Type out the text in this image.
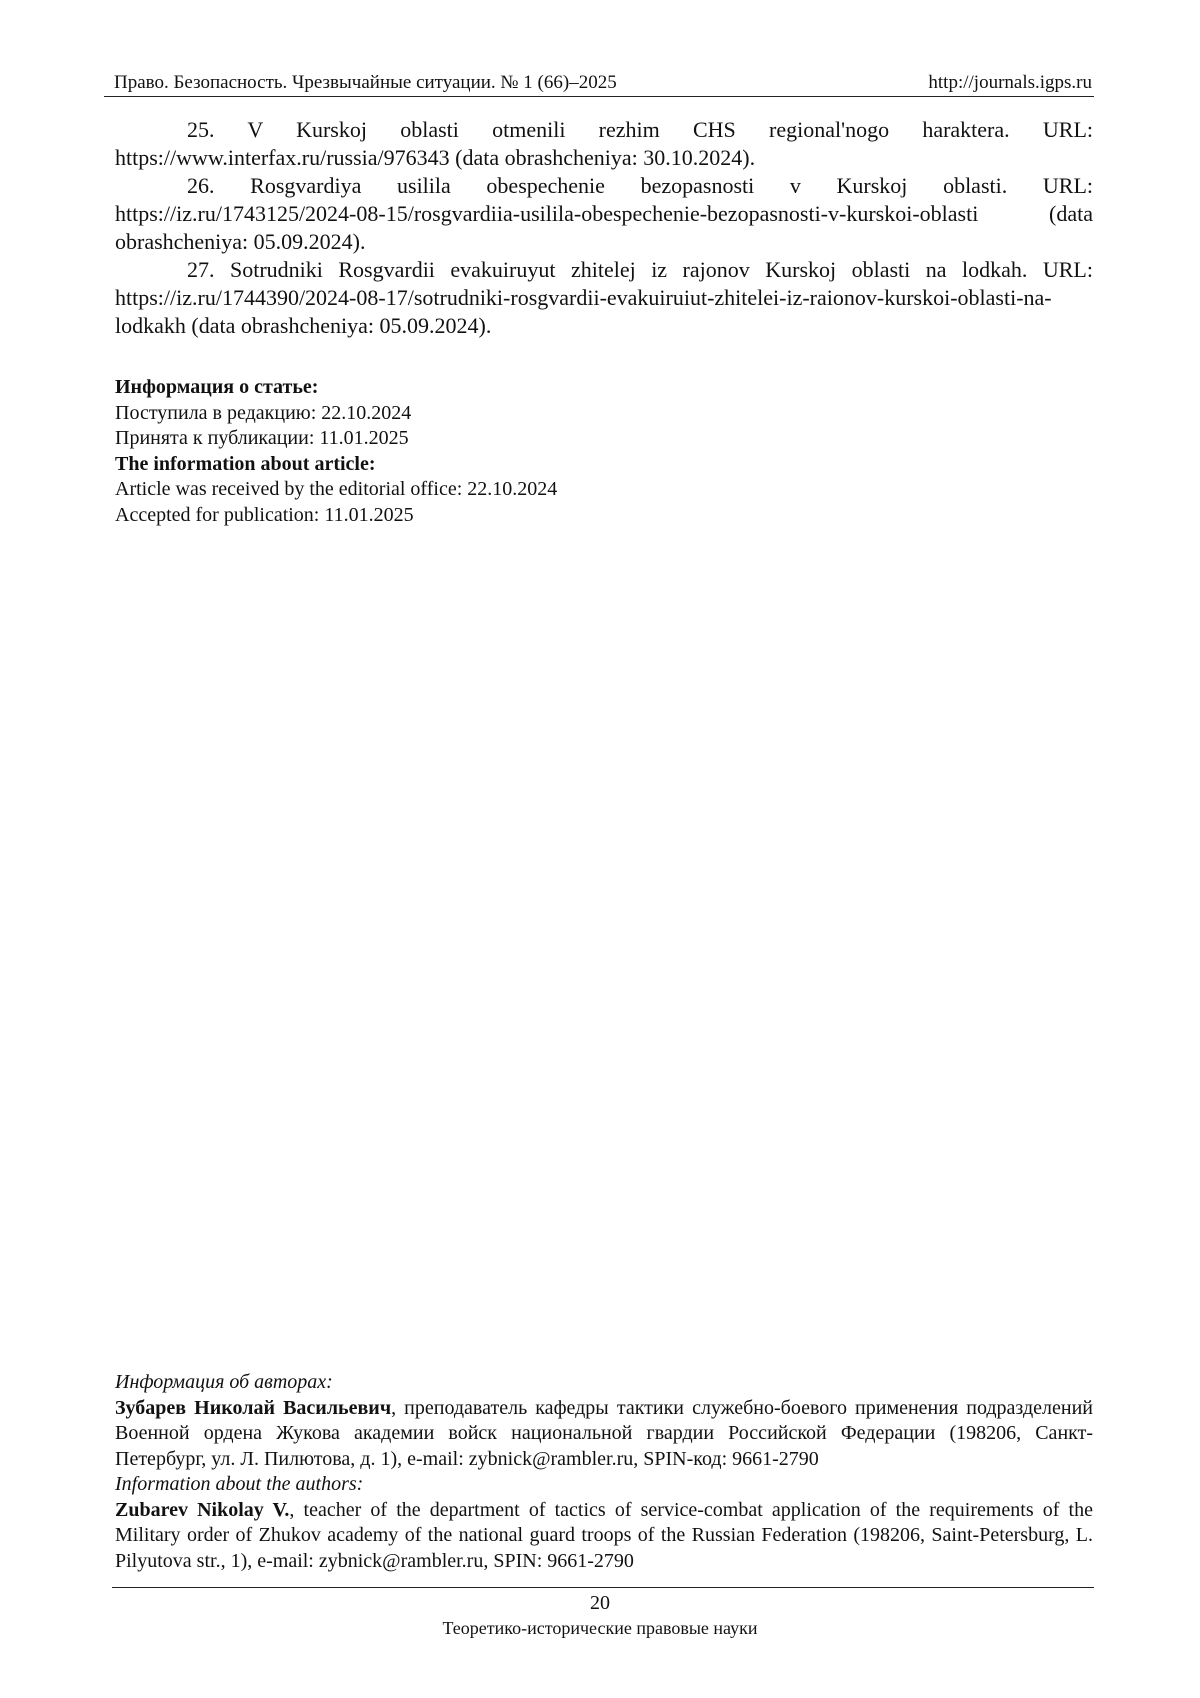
Право. Безопасность. Чрезвычайные ситуации. № 1 (66)–2025	http://journals.igps.ru

25. V Kurskoj oblasti otmenili rezhim CHS regional'nogo haraktera. URL: https://www.interfax.ru/russia/976343 (data obrashcheniya: 30.10.2024).

26. Rosgvardiya usilila obespechenie bezopasnosti v Kurskoj oblasti. URL: https://iz.ru/1743125/2024-08-15/rosgvardiia-usilila-obespechenie-bezopasnosti-v-kurskoi-oblasti (data obrashcheniya: 05.09.2024).

27. Sotrudniki Rosgvardii evakuiruyut zhitelej iz rajonov Kurskoj oblasti na lodkah. URL: https://iz.ru/1744390/2024-08-17/sotrudniki-rosgvardii-evakuiruiut-zhitelei-iz-raionov-kurskoi-oblasti-na-lodkakh (data obrashcheniya: 05.09.2024).

Информация о статье:
Поступила в редакцию: 22.10.2024
Принята к публикации: 11.01.2025
The information about article:
Article was received by the editorial office: 22.10.2024
Accepted for publication: 11.01.2025
Информация об авторах:
Зубарев Николай Васильевич, преподаватель кафедры тактики служебно-боевого применения подразделений Военной ордена Жукова академии войск национальной гвардии Российской Федерации (198206, Санкт-Петербург, ул. Л. Пилютова, д. 1), e-mail: zybnick@rambler.ru, SPIN-код: 9661-2790
Information about the authors:
Zubarev Nikolay V., teacher of the department of tactics of service-combat application of the requirements of the Military order of Zhukov academy of the national guard troops of the Russian Federation (198206, Saint-Petersburg, L. Pilyutova str., 1), e-mail: zybnick@rambler.ru, SPIN: 9661-2790
20
Теоретико-исторические правовые науки
